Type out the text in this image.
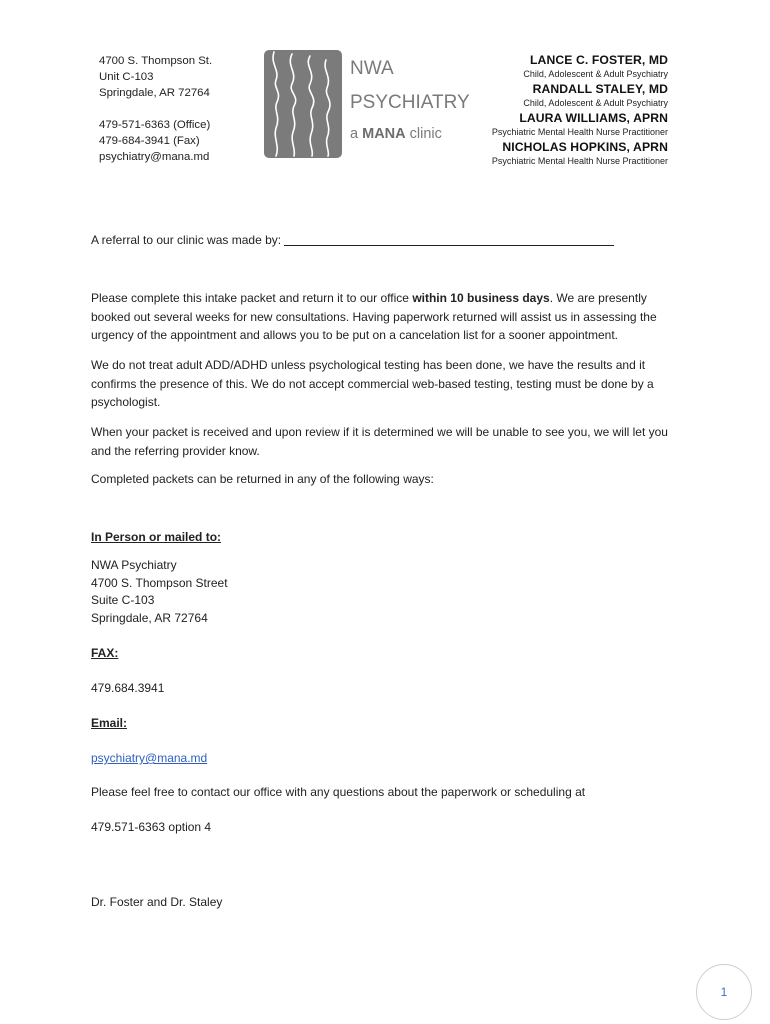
4700 S. Thompson St.
Unit C-103
Springdale, AR 72764
479-571-6363 (Office)
479-684-3941 (Fax)
psychiatry@mana.md
NWA
PSYCHIATRY
a MANA clinic
LANCE C. FOSTER, MD
Child, Adolescent & Adult Psychiatry
RANDALL STALEY, MD
Child, Adolescent & Adult Psychiatry
LAURA WILLIAMS, APRN
Psychiatric Mental Health Nurse Practitioner
NICHOLAS HOPKINS, APRN
Psychiatric Mental Health Nurse Practitioner
A referral to our clinic was made by:

Please complete this intake packet and return it to our office within 10 business days. We are presently booked out several weeks for new consultations. Having paperwork returned will assist us in assessing the urgency of the appointment and allows you to be put on a cancelation list for a sooner appointment.

We do not treat adult ADD/ADHD unless psychological testing has been done, we have the results and it confirms the presence of this. We do not accept commercial web-based testing, testing must be done by a psychologist.

When your packet is received and upon review if it is determined we will be unable to see you, we will let you and the referring provider know.

Completed packets can be returned in any of the following ways:

In Person or mailed to:
NWA Psychiatry
4700 S. Thompson Street
Suite C-103
Springdale, AR 72764
FAX:
479.684.3941
Email:
psychiatry@mana.md
Please feel free to contact our office with any questions about the paperwork or scheduling at
479.571-6363 option 4
Dr. Foster and Dr. Staley
1
